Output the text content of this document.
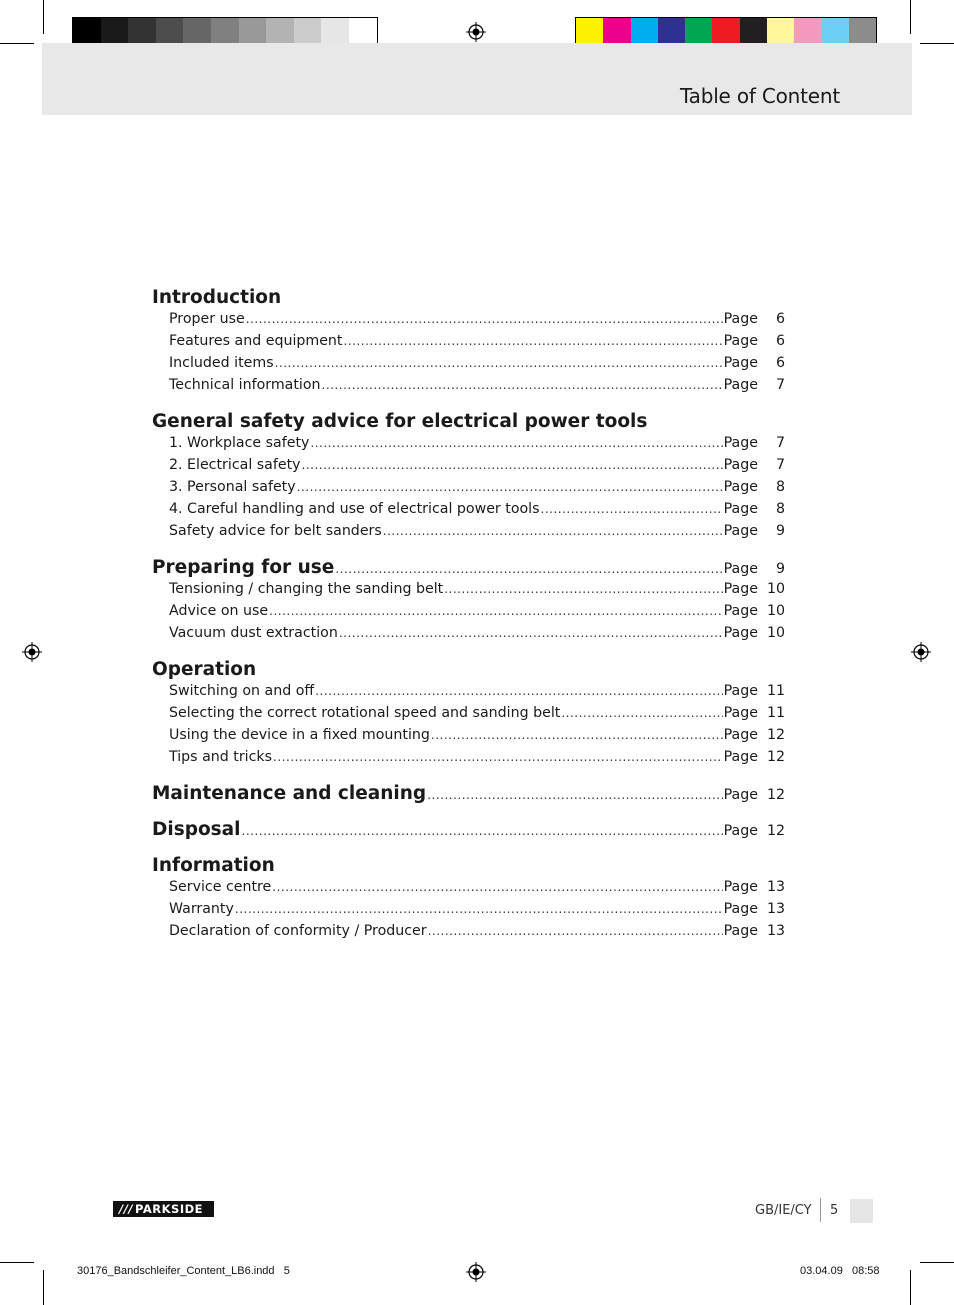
Table of Content
Introduction
Proper use .....	Page	6
Features and equipment .....	Page	6
Included items .....	Page	6
Technical information .....	Page	7
General safety advice for electrical power tools
1. Workplace safety .....	Page	7
2. Electrical safety .....	Page	7
3. Personal safety .....	Page	8
4. Careful handling and use of electrical power tools .....	Page	8
Safety advice for belt sanders .....	Page	9
Preparing for use .....	Page	9
Tensioning / changing the sanding belt .....	Page 10
Advice on use .....	Page 10
Vacuum dust extraction .....	Page 10
Operation
Switching on and off .....	Page 11
Selecting the correct rotational speed and sanding belt .....	Page 11
Using the device in a fixed mounting .....	Page 12
Tips and tricks .....	Page 12
Maintenance and cleaning .....	Page 12
Disposal .....	Page 12
Information
Service centre .....	Page 13
Warranty .....	Page 13
Declaration of conformity / Producer .....	Page 13
/// PARKSIDE	GB/IE/CY 5
30176_Bandschleifer_Content_LB6.indd   5	03.04.09   08:58
